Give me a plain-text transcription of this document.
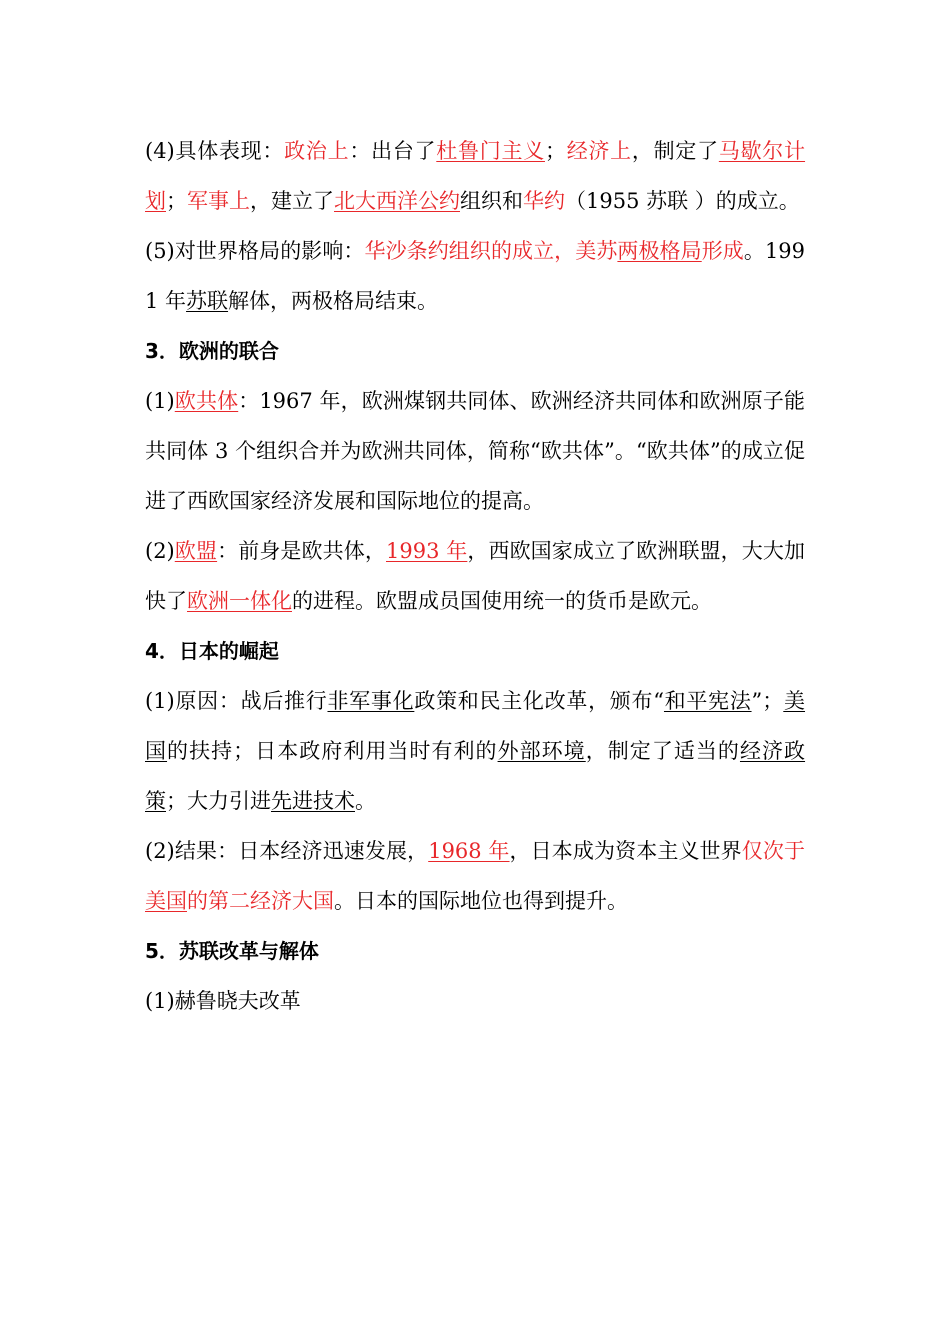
(4)具体表现：政治上：出台了杜鲁门主义；经济上，制定了马歇尔计划；军事上，建立了北大西洋公约组织和华约（1955 苏联 ）的成立。
(5)对世界格局的影响：华沙条约组织的成立，美苏两极格局形成。1991 年苏联解体，两极格局结束。
3．欧洲的联合
(1)欧共体：1967 年，欧洲煤钢共同体、欧洲经济共同体和欧洲原子能共同体 3 个组织合并为欧洲共同体，简称“欧共体”。“欧共体”的成立促进了西欧国家经济发展和国际地位的提高。
(2)欧盟：前身是欧共体，1993 年，西欧国家成立了欧洲联盟，大大加快了欧洲一体化的进程。欧盟成员国使用统一的货币是欧元。
4．日本的崛起
(1)原因：战后推行非军事化政策和民主化改革，颁布“和平宪法”；美国的扶持；日本政府利用当时有利的外部环境，制定了适当的经济政策；大力引进先进技术。
(2)结果：日本经济迅速发展，1968 年，日本成为资本主义世界仅次于美国的第二经济大国。日本的国际地位也得到提升。
5．苏联改革与解体
(1)赫鲁晓夫改革
